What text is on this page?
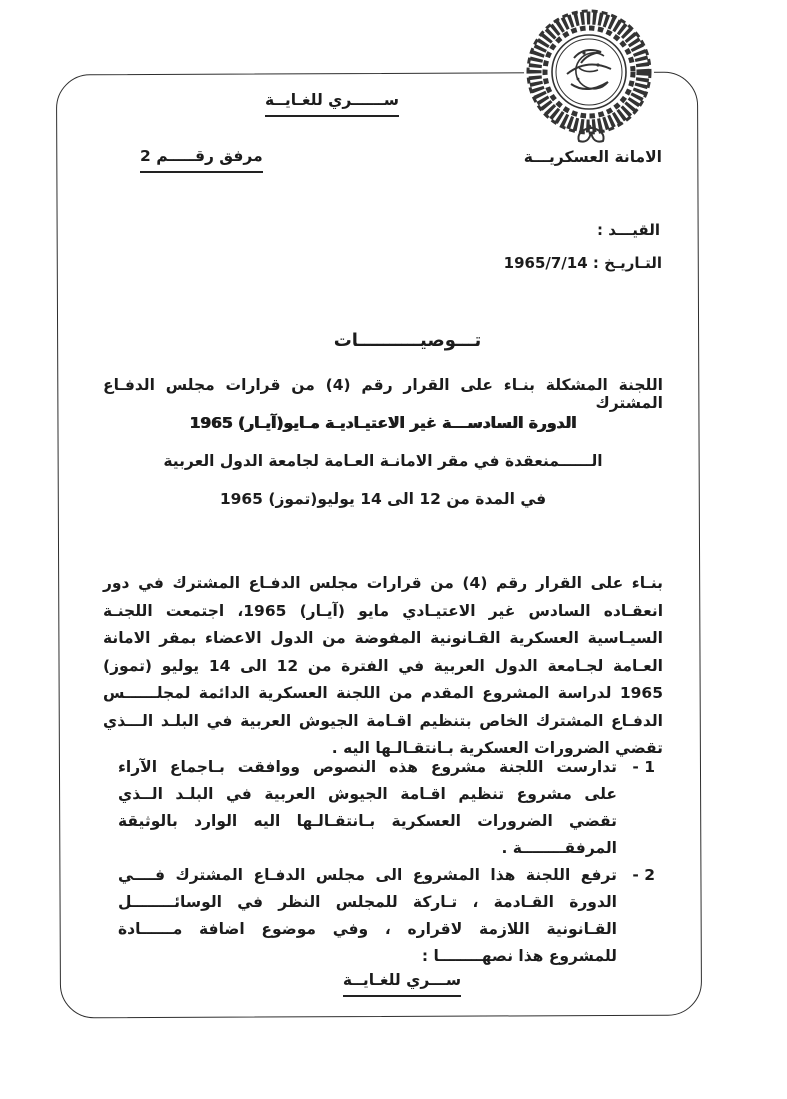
ســــــري للغـايــة
الامانة العسكريـــة
مرفق رقـــــم 2
القيـــد :
التـاريـخ : 1965/7/14
تـــوصيــــــــــات
اللجنة المشكلة بنـاء على القرار رقم (4) من قرارات مجلس الدفـاع المشترك
الدورة السادســـة غير الاعتيـاديـة مـايو(آيـار) 1965
الــــــمنعقدة في مقر الامانـة العـامة لجامعة الدول العربية
في المدة من 12 الى 14 يوليو(تموز) 1965
بنـاء على القرار رقم (4) من قرارات مجلس الدفـاع المشترك في دور
انعقـاده السادس غير الاعتيـادي مايو (آيـار) 1965، اجتمعت اللجنـة
السيـاسية العسكرية القـانونية المفوضة من الدول الاعضاء بمقر الامانة
العـامة لجـامعة الدول العربية في الفترة من 12 الى 14 يوليو (تموز)
1965 لدراسة المشروع المقدم من اللجنة العسكرية الدائمة لمجلــــــس
الدفـاع المشترك الخاص بتنظيم اقـامة الجيوش العربية في البلـد الـــذي
تقضي الضرورات العسكرية بـانتقـالـها اليه .
1 -
تدارست اللجنة مشروع هذه النصوص ووافقت بـاجماع الآراء
على مشروع تنظيم اقـامة الجيوش العربية في البلـد الــذي
تقضي الضرورات العسكرية بـانتقـالـها اليه الوارد بالوثيقة
المرفقــــــــة .
2 -
ترفع اللجنة هذا المشروع الى مجلس الدفـاع المشترك فــــي
الدورة القـادمة ، تـاركة للمجلس النظر في الوسائــــــــل
القـانونية اللازمة لاقراره ، وفي موضوع اضافة مــــــادة
للمشروع هذا نصهــــــــا :
ســـري للغـايــة
